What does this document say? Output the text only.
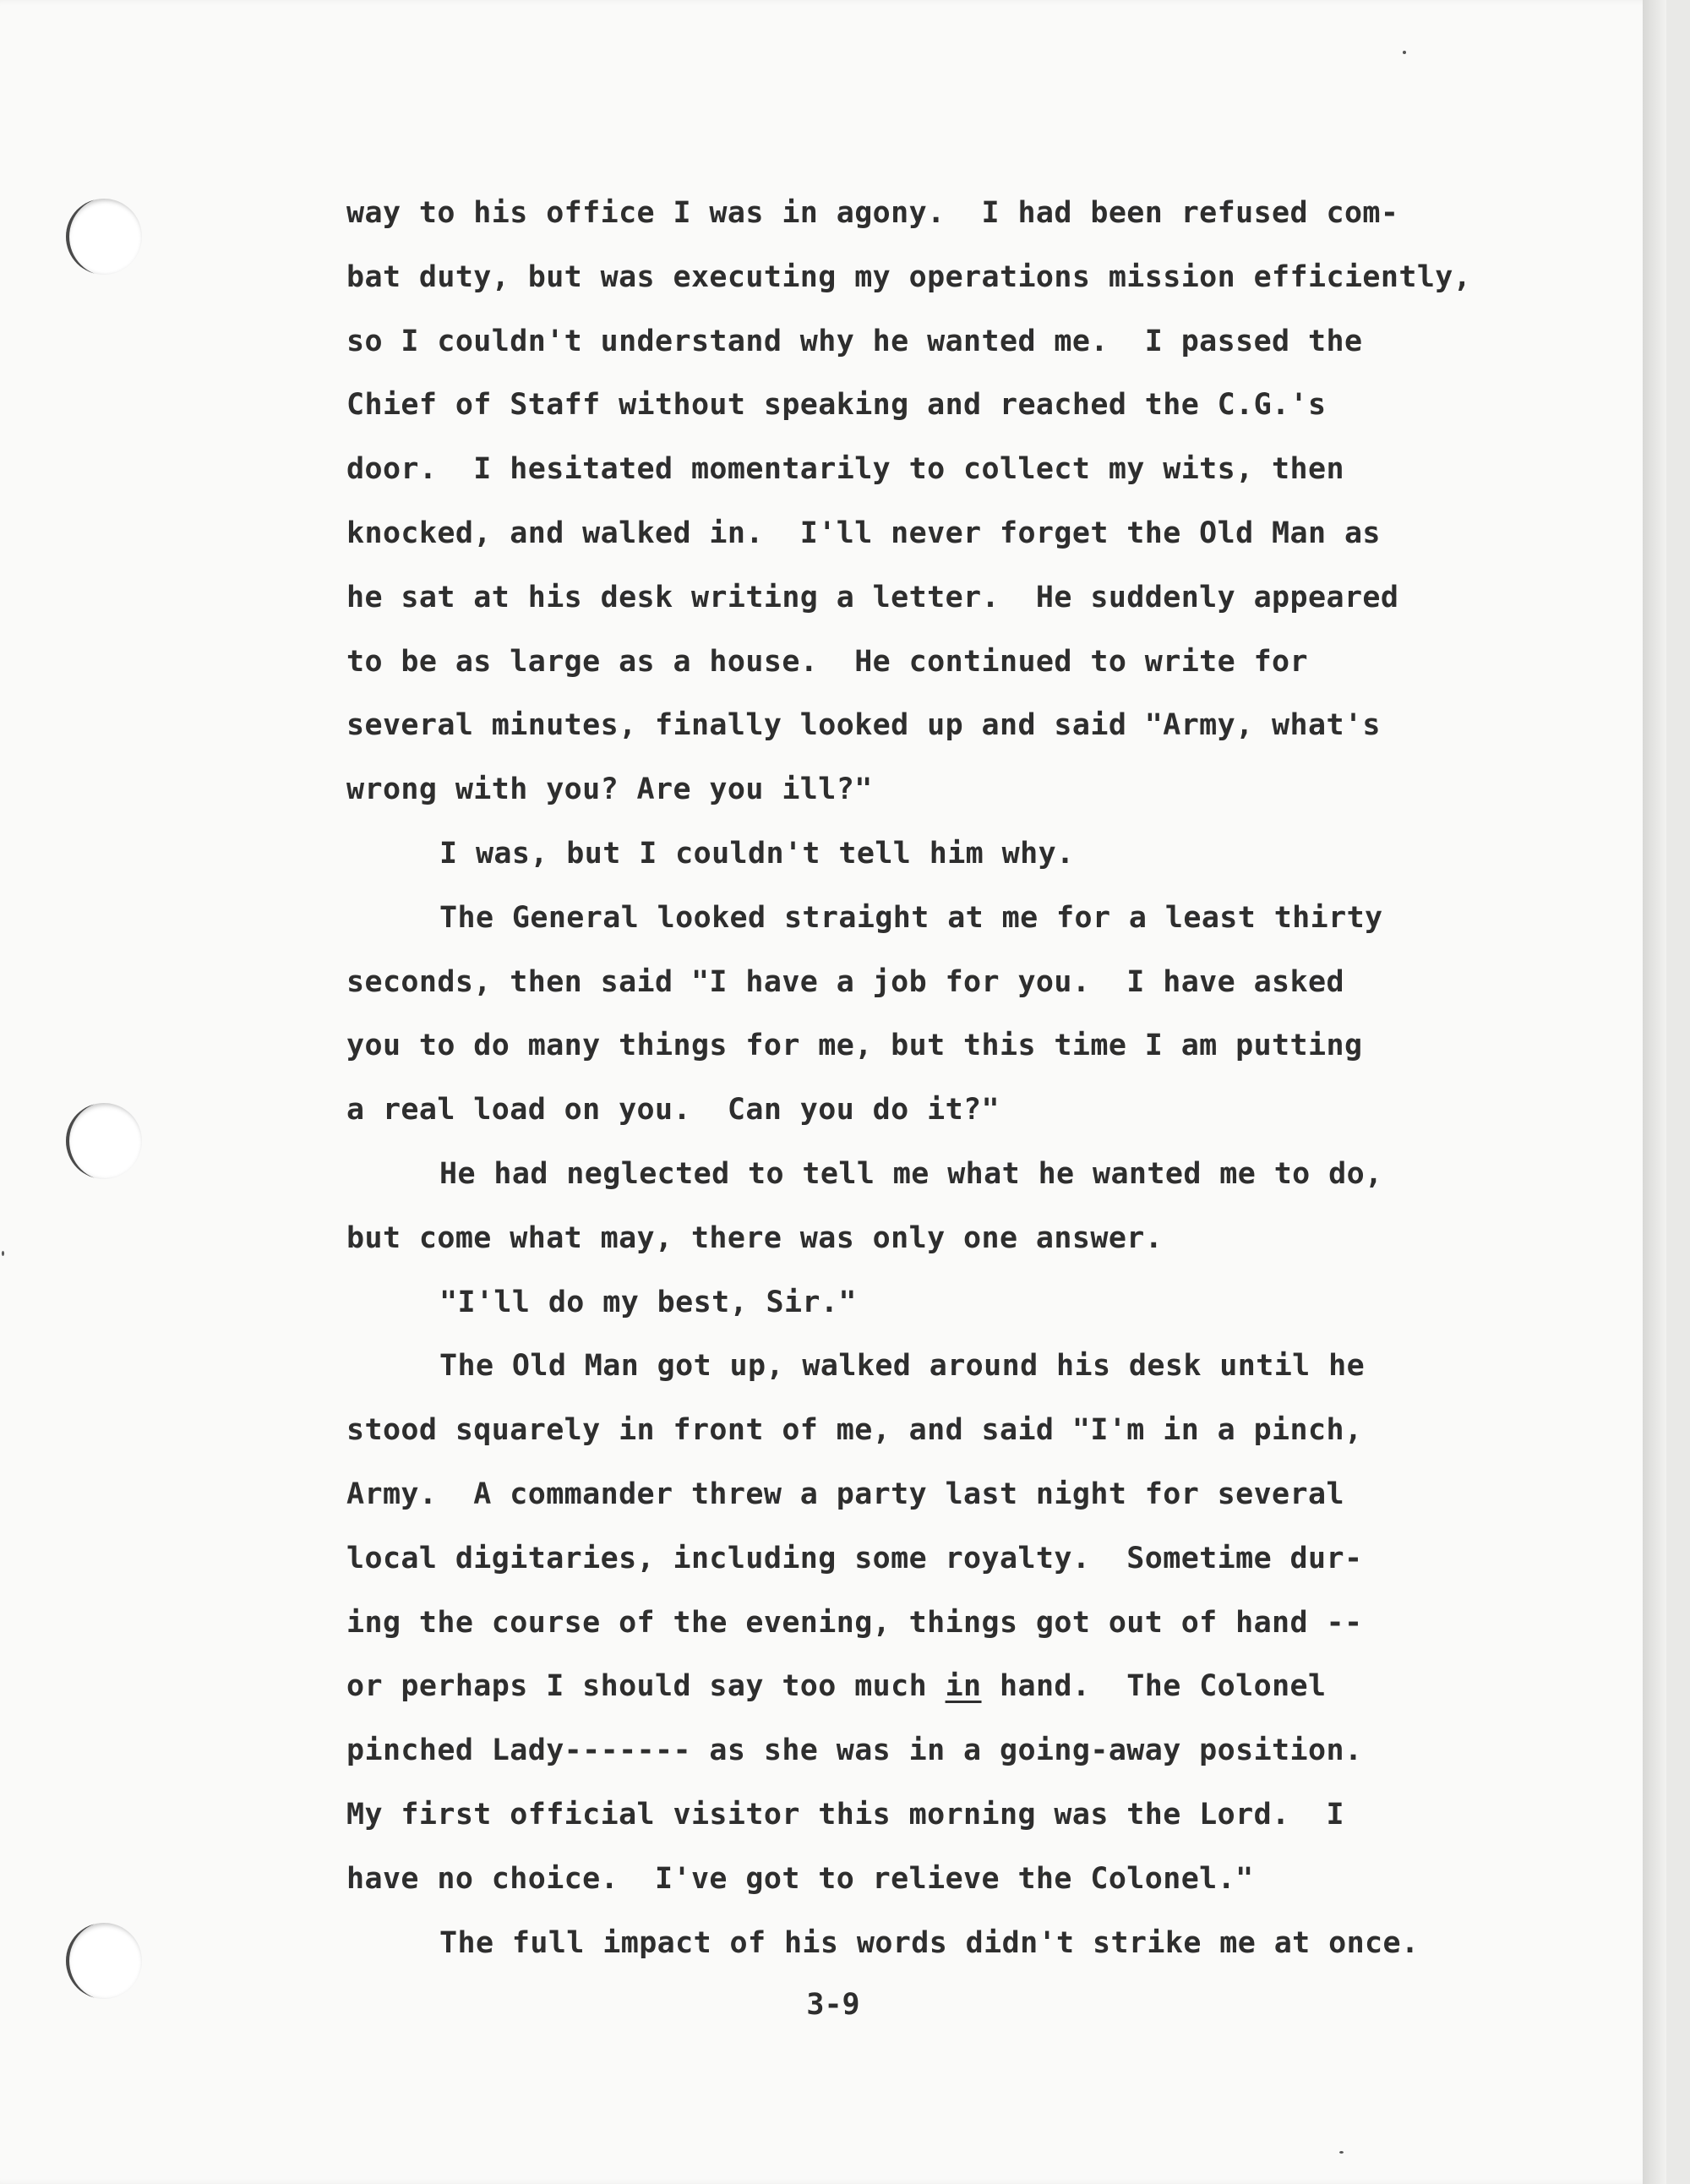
way to his office I was in agony.  I had been refused com-

bat duty, but was executing my operations mission efficiently,

so I couldn't understand why he wanted me.  I passed the

Chief of Staff without speaking and reached the C.G.'s

door.  I hesitated momentarily to collect my wits, then

knocked, and walked in.  I'll never forget the Old Man as

he sat at his desk writing a letter.  He suddenly appeared

to be as large as a house.  He continued to write for

several minutes, finally looked up and said "Army, what's

wrong with you? Are you ill?"

I was, but I couldn't tell him why.

The General looked straight at me for a least thirty

seconds, then said "I have a job for you.  I have asked

you to do many things for me, but this time I am putting

a real load on you.  Can you do it?"

He had neglected to tell me what he wanted me to do,

but come what may, there was only one answer.

"I'll do my best, Sir."

The Old Man got up, walked around his desk until he

stood squarely in front of me, and said "I'm in a pinch,

Army.  A commander threw a party last night for several

local digitaries, including some royalty.  Sometime dur-

ing the course of the evening, things got out of hand --

or perhaps I should say too much in hand.  The Colonel

pinched Lady------- as she was in a going-away position.

My first official visitor this morning was the Lord.  I

have no choice.  I've got to relieve the Colonel."

The full impact of his words didn't strike me at once.

3-9
